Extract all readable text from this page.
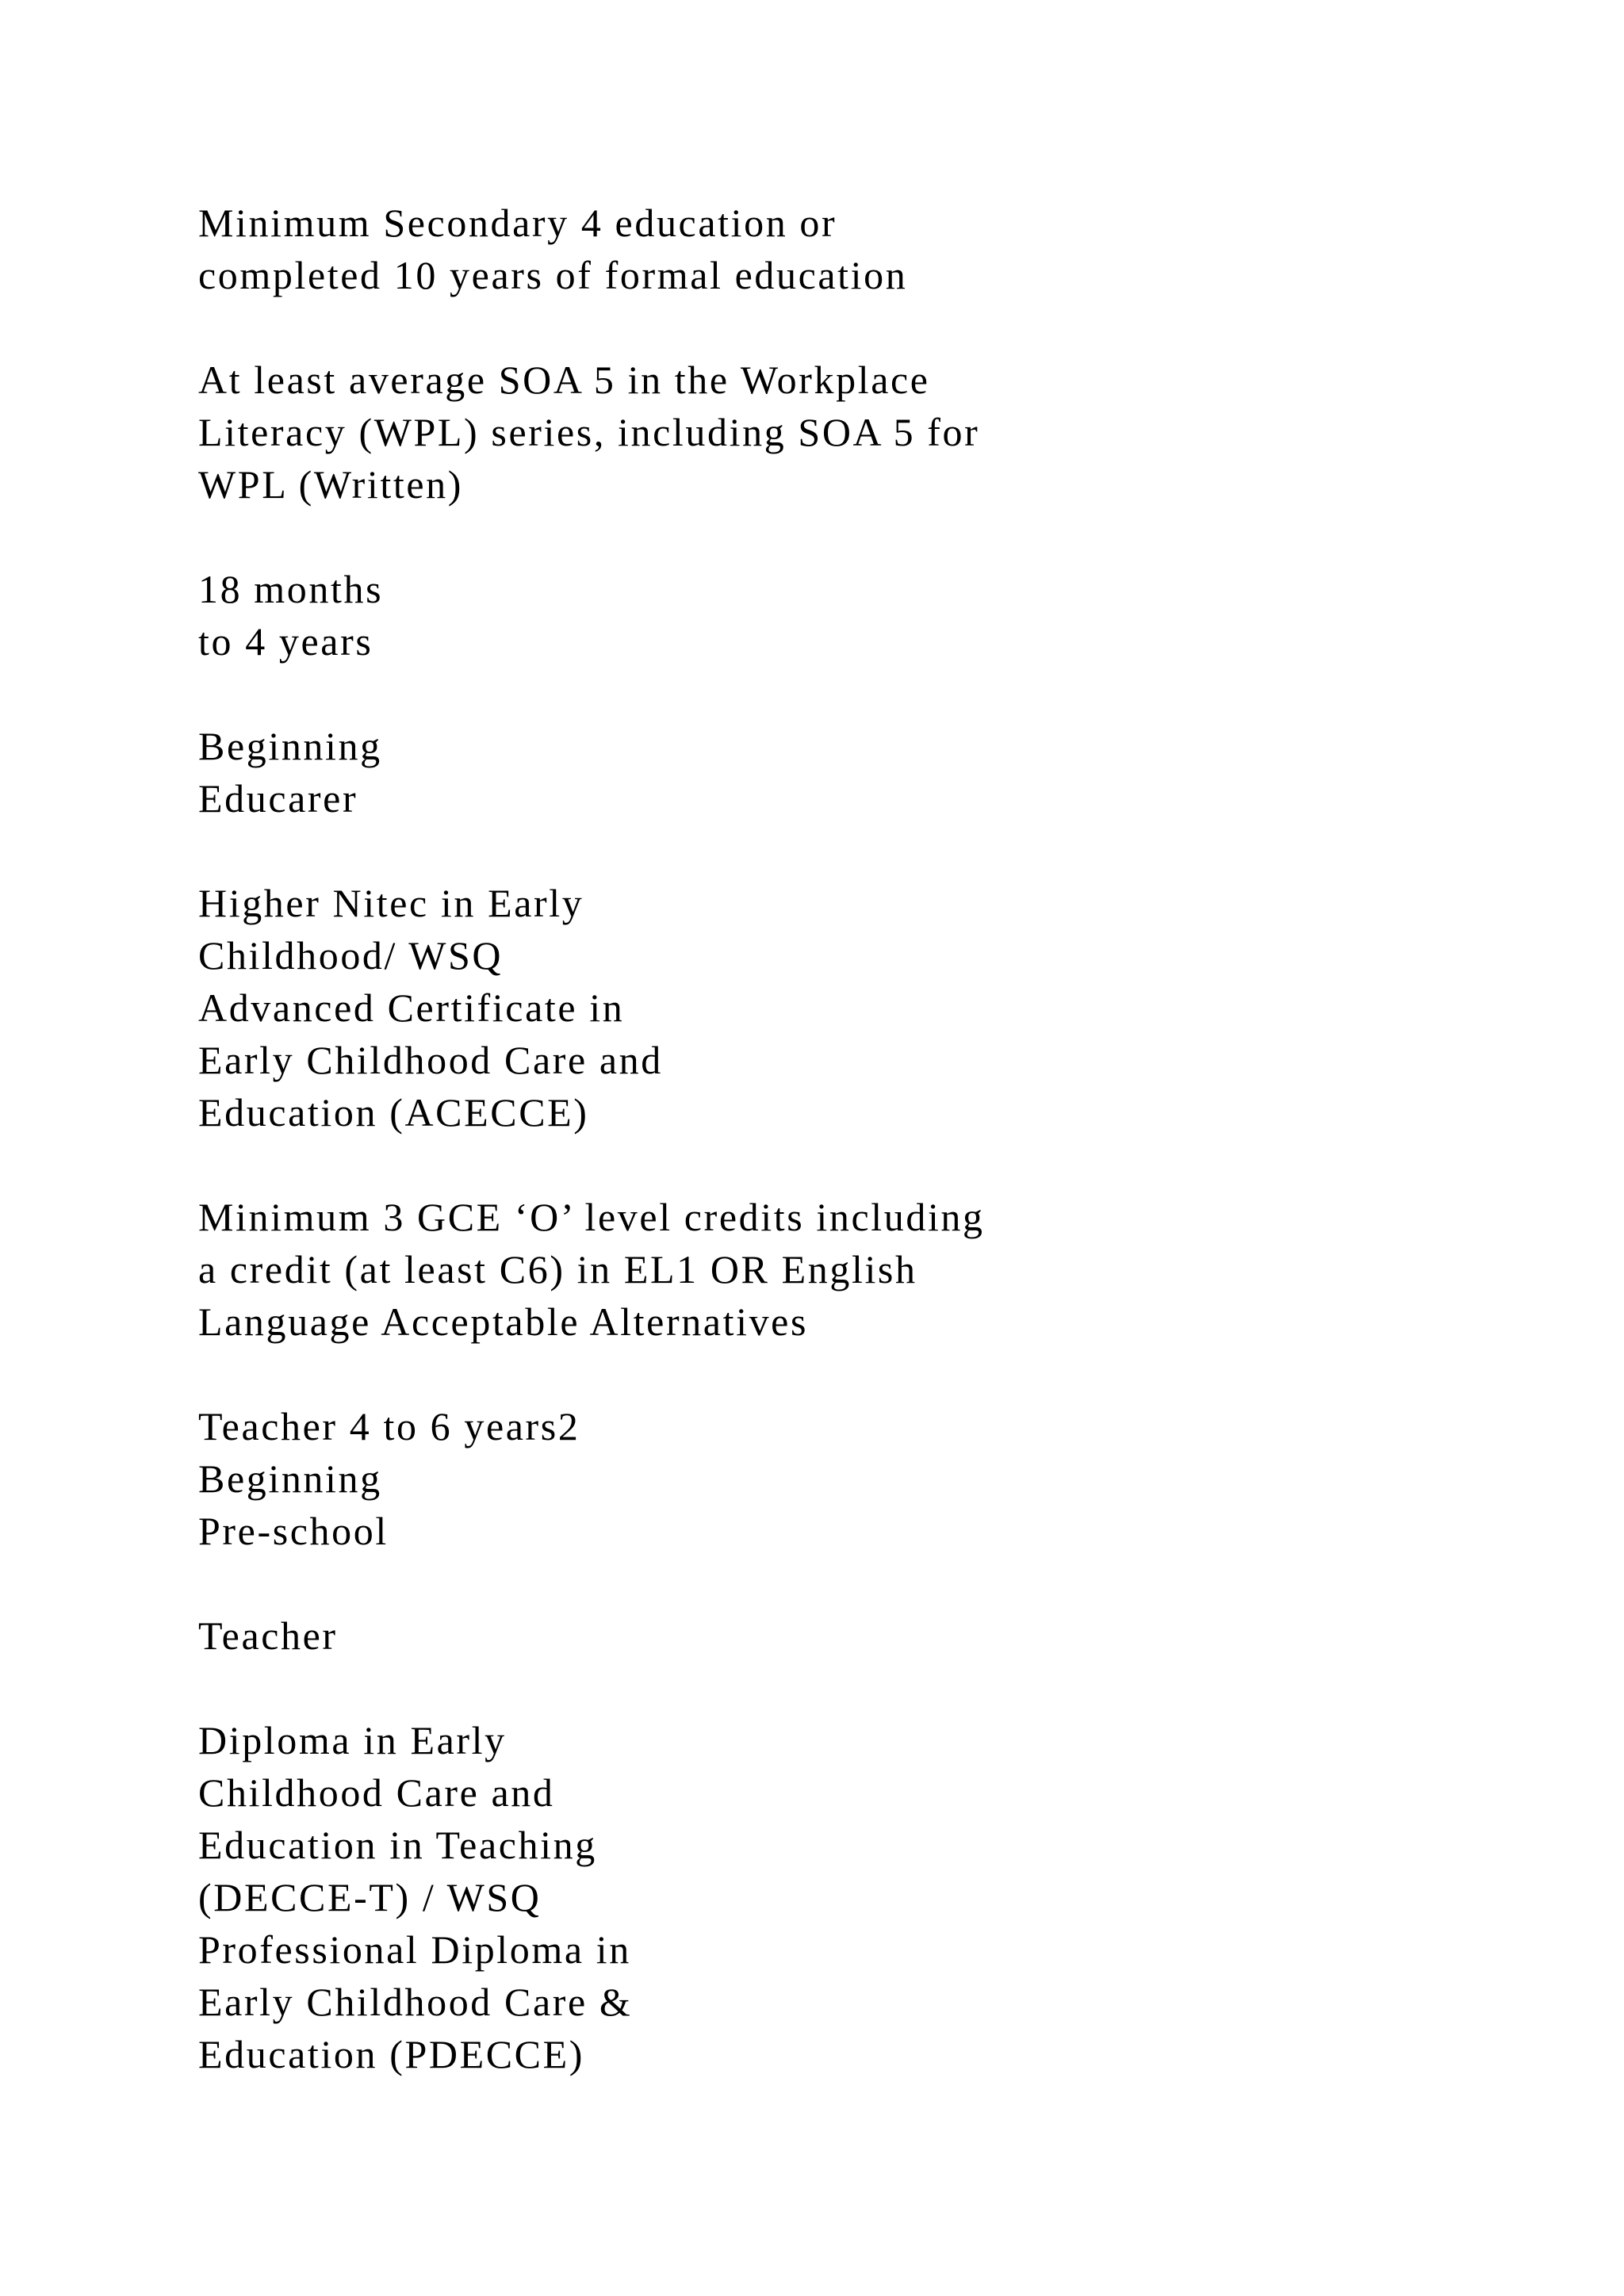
Minimum Secondary 4 education or
completed 10 years of formal education
At least average SOA 5 in the Workplace
Literacy (WPL) series, including SOA 5 for
WPL (Written)
18 months
to 4 years
Beginning
Educarer
Higher Nitec in Early
Childhood/ WSQ
Advanced Certificate in
Early Childhood Care and
Education (ACECCE)
Minimum 3 GCE ‘O’ level credits including
a credit (at least C6) in EL1 OR English
Language Acceptable Alternatives
Teacher 4 to 6 years2
Beginning
Pre-school
Teacher
Diploma in Early
Childhood Care and
Education in Teaching
(DECCE-T) / WSQ
Professional Diploma in
Early Childhood Care &
Education (PDECCE)
